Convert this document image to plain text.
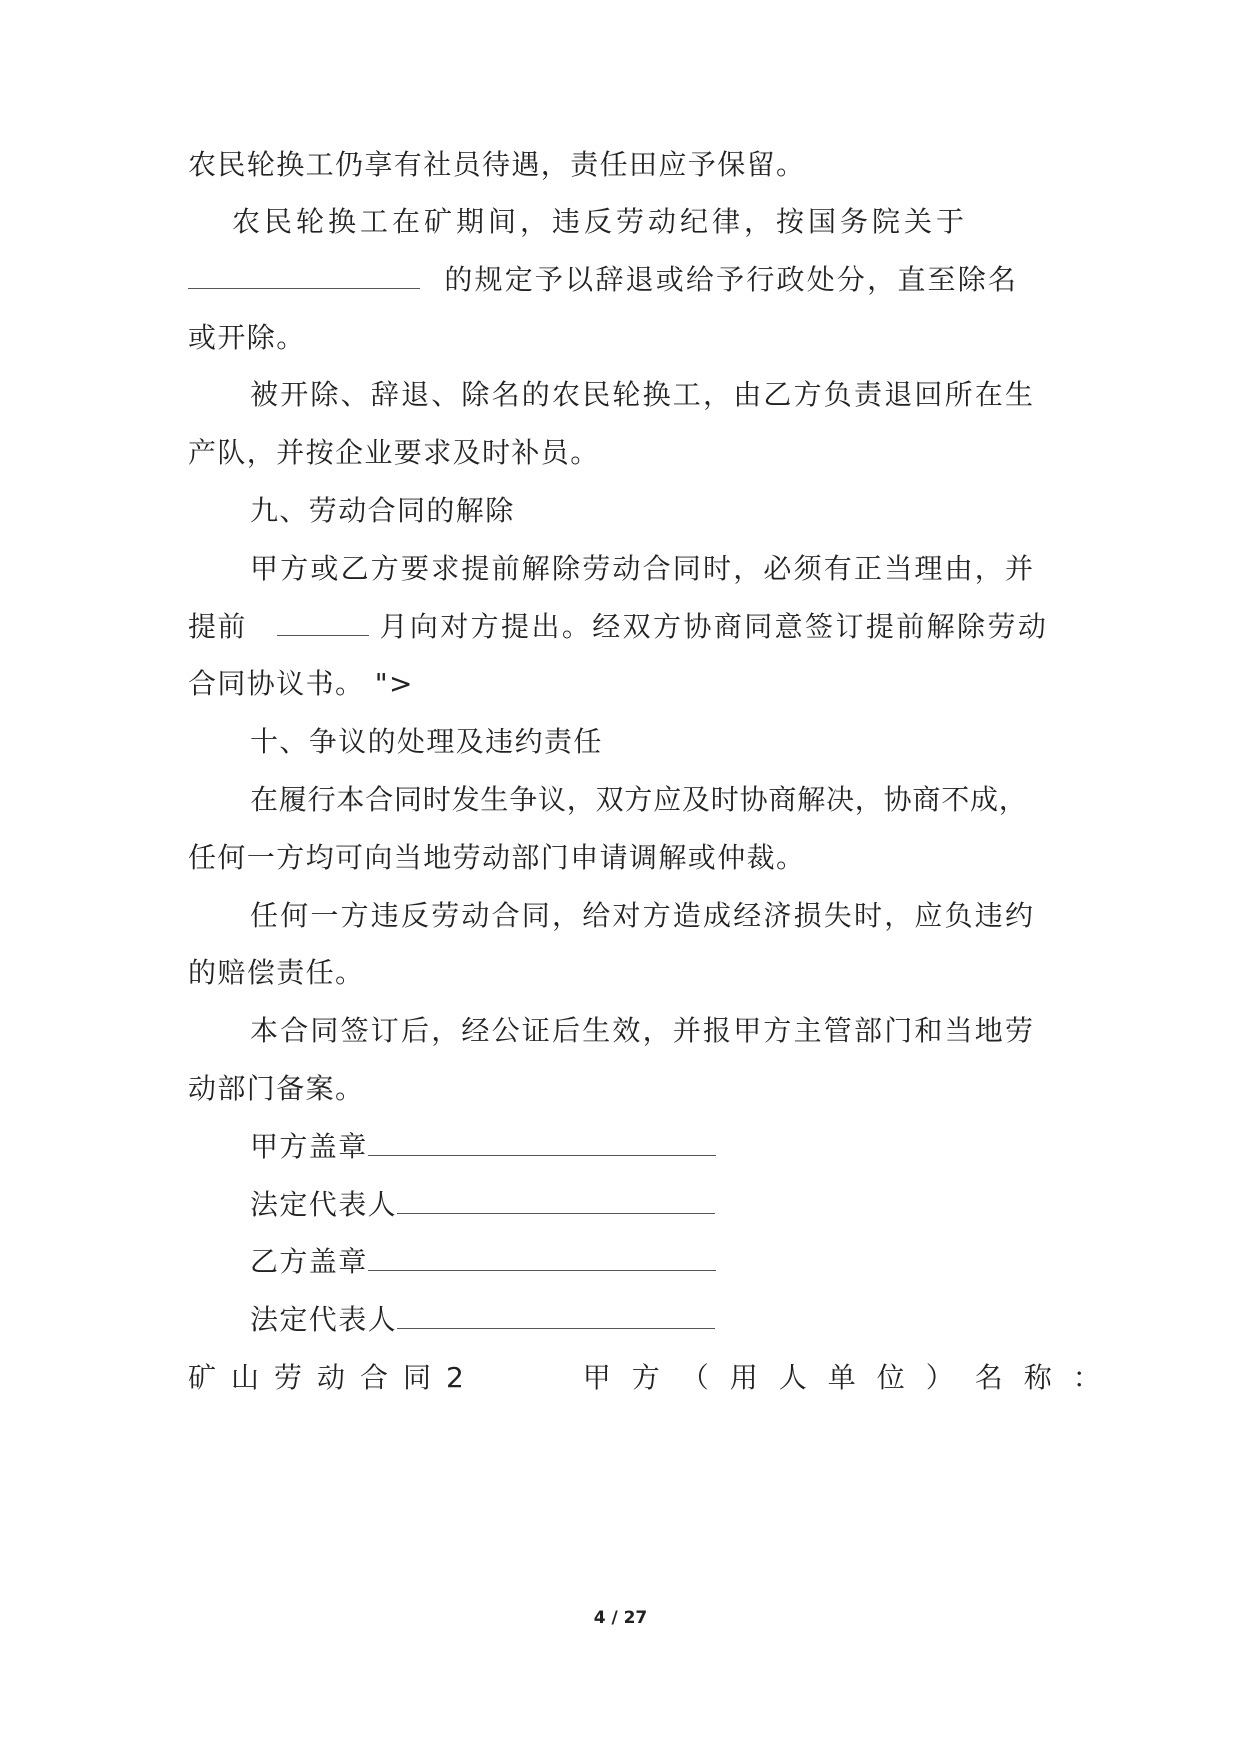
农民轮换工仍享有社员待遇，责任田应予保留。
农民轮换工在矿期间，违反劳动纪律，按国务院关于
的规定予以辞退或给予行政处分，直至除名
或开除。
被开除、辞退、除名的农民轮换工，由乙方负责退回所在生
产队，并按企业要求及时补员。
九、劳动合同的解除
甲方或乙方要求提前解除劳动合同时，必须有正当理由，并
提前	月向对方提出。经双方协商同意签订提前解除劳动
合同协议书。 ">
十、争议的处理及违约责任
在履行本合同时发生争议，双方应及时协商解决，协商不成，
任何一方均可向当地劳动部门申请调解或仲裁。
任何一方违反劳动合同，给对方造成经济损失时，应负违约
的赔偿责任。
本合同签订后，经公证后生效，并报甲方主管部门和当地劳
动部门备案。
甲方盖章
法定代表人
乙方盖章
法定代表人
矿山劳动合同2	甲方（用人单位）名称：
4 / 27
